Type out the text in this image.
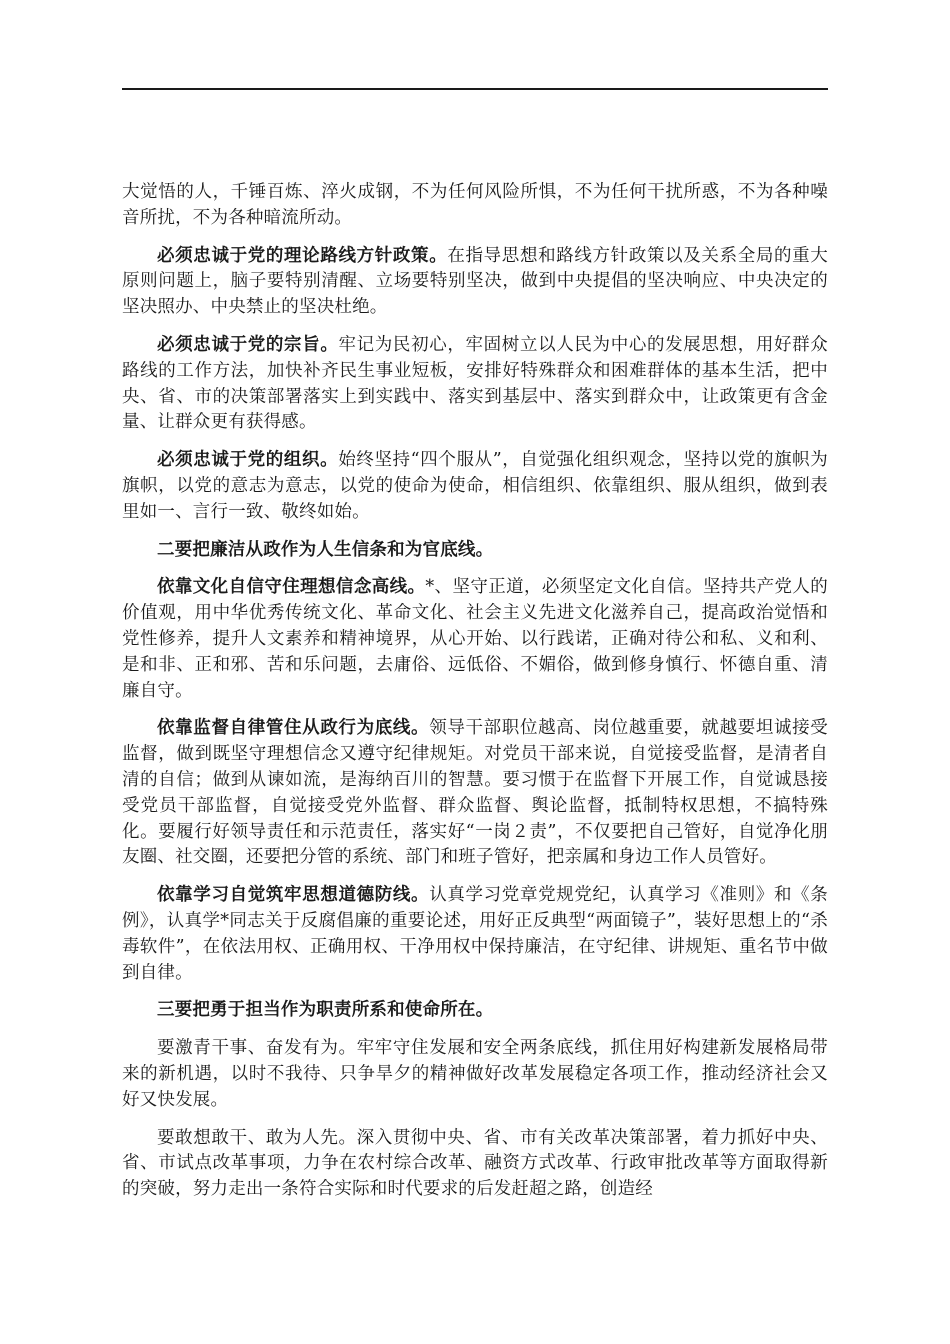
大觉悟的人，千锤百炼、淬火成钢，不为任何风险所惧，不为任何干扰所惑，不为各种噪音所扰，不为各种暗流所动。

必须忠诚于党的理论路线方针政策。在指导思想和路线方针政策以及关系全局的重大原则问题上，脑子要特别清醒、立场要特别坚决，做到中央提倡的坚决响应、中央决定的坚决照办、中央禁止的坚决杜绝。

必须忠诚于党的宗旨。牢记为民初心，牢固树立以人民为中心的发展思想，用好群众路线的工作方法，加快补齐民生事业短板，安排好特殊群众和困难群体的基本生活，把中央、省、市的决策部署落实上到实践中、落实到基层中、落实到群众中，让政策更有含金量、让群众更有获得感。

必须忠诚于党的组织。始终坚持“四个服从”，自觉强化组织观念，坚持以党的旗帜为旗帜，以党的意志为意志，以党的使命为使命，相信组织、依靠组织、服从组织，做到表里如一、言行一致、敬终如始。

二要把廉洁从政作为人生信条和为官底线。

依靠文化自信守住理想信念高线。*、坚守正道，必须坚定文化自信。坚持共产党人的价值观，用中华优秀传统文化、革命文化、社会主义先进文化滋养自己，提高政治觉悟和党性修养，提升人文素养和精神境界，从心开始、以行践诺，正确对待公和私、义和利、是和非、正和邪、苦和乐问题，去庸俗、远低俗、不媚俗，做到修身慎行、怀德自重、清廉自守。

依靠监督自律管住从政行为底线。领导干部职位越高、岗位越重要，就越要坦诚接受监督，做到既坚守理想信念又遵守纪律规矩。对党员干部来说，自觉接受监督，是清者自清的自信；做到从谏如流，是海纳百川的智慧。要习惯于在监督下开展工作，自觉诚恳接受党员干部监督，自觉接受党外监督、群众监督、舆论监督，抵制特权思想，不搞特殊化。要履行好领导责任和示范责任，落实好“一岗２责”，不仅要把自己管好，自觉净化朋友圈、社交圈，还要把分管的系统、部门和班子管好，把亲属和身边工作人员管好。

依靠学习自觉筑牢思想道德防线。认真学习党章党规党纪，认真学习《准则》和《条例》，认真学*同志关于反腐倡廉的重要论述，用好正反典型“两面镜子”，装好思想上的“杀毒软件”，在依法用权、正确用权、干净用权中保持廉洁，在守纪律、讲规矩、重名节中做到自律。

三要把勇于担当作为职责所系和使命所在。

要激青干事、奋发有为。牢牢守住发展和安全两条底线，抓住用好构建新发展格局带来的新机遇，以时不我待、只争旱夕的精神做好改革发展稳定各项工作，推动经济社会又好又快发展。

要敢想敢干、敢为人先。深入贯彻中央、省、市有关改革决策部署，着力抓好中央、省、市试点改革事项，力争在农村综合改革、融资方式改革、行政审批改革等方面取得新的突破，努力走出一条符合实际和时代要求的后发赶超之路，创造经
